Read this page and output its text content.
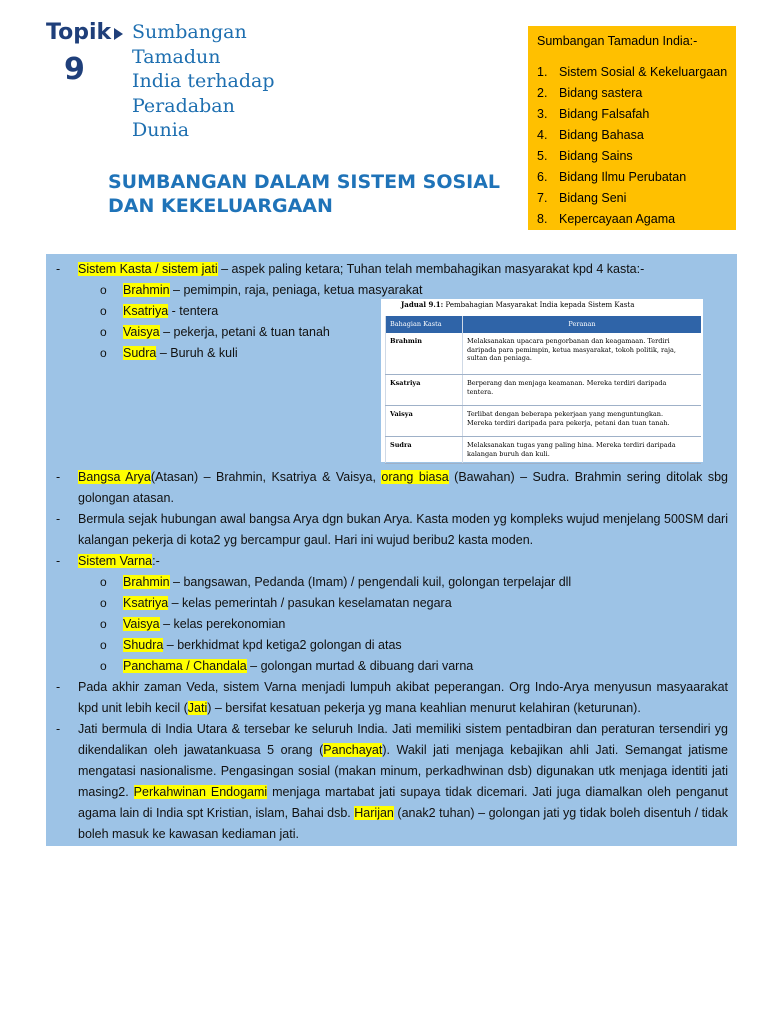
Topik
9
Sumbangan
Tamadun
India terhadap
Peradaban
Dunia
SUMBANGAN DALAM SISTEM SOSIAL
DAN KEKELUARGAAN
Sumbangan Tamadun India:-
1. Sistem Sosial & Kekeluargaan
2. Bidang sastera
3. Bidang Falsafah
4. Bidang Bahasa
5. Bidang Sains
6. Bidang Ilmu Perubatan
7. Bidang Seni
8. Kepercayaan Agama
- Sistem Kasta / sistem jati – aspek paling ketara; Tuhan telah membahagikan masyarakat kpd 4 kasta:-
o Brahmin – pemimpin, raja, peniaga, ketua masyarakat
o Ksatriya - tentera
o Vaisya – pekerja, petani & tuan tanah
o Sudra – Buruh & kuli
- Bangsa Arya(Atasan) – Brahmin, Ksatriya & Vaisya, orang biasa (Bawahan) – Sudra. Brahmin sering ditolak sbg
golongan atasan.
- Bermula sejak hubungan awal bangsa Arya dgn bukan Arya. Kasta moden yg kompleks wujud menjelang 500SM dari
kalangan pekerja di kota2 yg bercampur gaul. Hari ini wujud beribu2 kasta moden.
- Sistem Varna:-
o Brahmin – bangsawan, Pedanda (Imam) / pengendali kuil, golongan terpelajar dll
o Ksatriya – kelas pemerintah / pasukan keselamatan negara
o Vaisya – kelas perekonomian
o Shudra – berkhidmat kpd ketiga2 golongan di atas
o Panchama / Chandala – golongan murtad & dibuang dari varna
- Pada akhir zaman Veda, sistem Varna menjadi lumpuh akibat peperangan. Org Indo-Arya menyusun masyaarakat
kpd unit lebih kecil (Jati) – bersifat kesatuan pekerja yg mana keahlian menurut kelahiran (keturunan).
- Jati bermula di India Utara & tersebar ke seluruh India. Jati memiliki sistem pentadbiran dan peraturan tersendiri yg
dikendalikan oleh jawatankuasa 5 orang (Panchayat). Wakil jati menjaga kebajikan ahli Jati. Semangat jatisme
mengatasi nasionalisme. Pengasingan sosial (makan minum, perkadhwinan dsb) digunakan utk menjaga identiti jati
masing2. Perkahwinan Endogami menjaga martabat jati supaya tidak dicemari. Jati juga diamalkan oleh penganut
agama lain di India spt Kristian, islam, Bahai dsb. Harijan (anak2 tuhan) – golongan jati yg tidak boleh disentuh / tidak
boleh masuk ke kawasan kediaman jati.
Jadual 9.1: Pembahagian Masyarakat India kepada Sistem Kasta
Bahagian Kasta	Peranan
Brahmin	Melaksanakan upacara pengorbanan dan keagamaan. Terdiri
daripada para pemimpin, ketua masyarakat, tokoh politik, raja,
sultan dan peniaga.

Ksatriya	Berperang dan menjaga keamanan. Mereka terdiri daripada
tentera.

Vaisya	Terlibat dengan beberapa pekerjaan yang menguntungkan.
Mereka terdiri daripada para pekerja, petani dan tuan tanah.

Sudra	Melaksanakan tugas yang paling hina. Mereka terdiri daripada
kalangan buruh dan kuli.
